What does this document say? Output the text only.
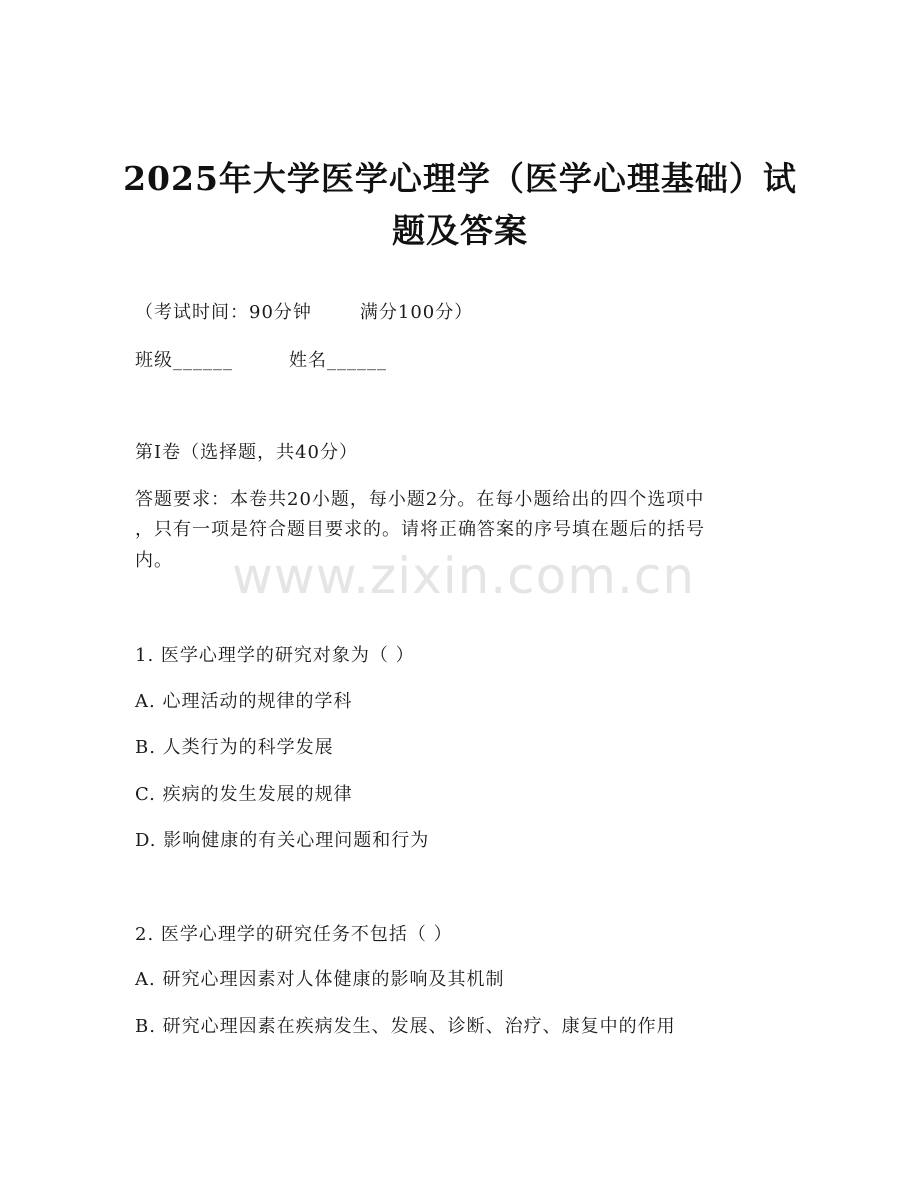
2025年大学医学心理学（医学心理基础）试
题及答案
（考试时间：90分钟	满分100分）
班级______	姓名______
第I卷（选择题，共40分）
答题要求：本卷共20小题，每小题2分。在每小题给出的四个选项中
，只有一项是符合题目要求的。请将正确答案的序号填在题后的括号
内。 www.zixin.com.cn
1. 医学心理学的研究对象为（ ）
A. 心理活动的规律的学科
B. 人类行为的科学发展
C. 疾病的发生发展的规律
D. 影响健康的有关心理问题和行为
2. 医学心理学的研究任务不包括（ ）
A. 研究心理因素对人体健康的影响及其机制
B. 研究心理因素在疾病发生、发展、诊断、治疗、康复中的作用
